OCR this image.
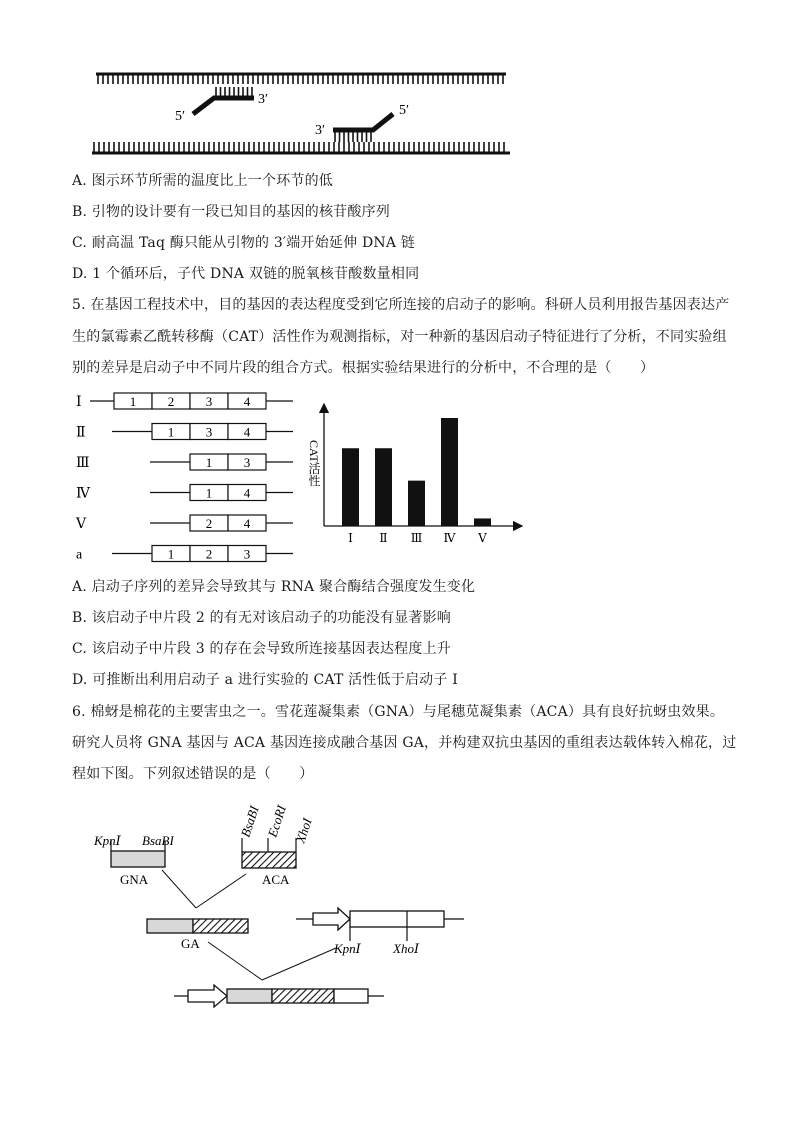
5′
3′
5′
3′
A. 图示环节所需的温度比上一个环节的低
B. 引物的设计要有一段已知目的基因的核苷酸序列
C. 耐高温 Taq 酶只能从引物的 3′端开始延伸 DNA 链
D. 1 个循环后，子代 DNA 双链的脱氧核苷酸数量相同
5. 在基因工程技术中，目的基因的表达程度受到它所连接的启动子的影响。科研人员利用报告基因表达产
生的氯霉素乙酰转移酶（CAT）活性作为观测指标，对一种新的基因启动子特征进行了分析，不同实验组
别的差异是启动子中不同片段的组合方式。根据实验结果进行的分析中，不合理的是（　　）
Ⅰ	1 2 3 4
Ⅱ	1 3 4
Ⅲ	1 3
Ⅳ	1 4
Ⅴ	2 4
a	1 2 3
CAT活性
Ⅰ Ⅱ Ⅲ Ⅳ Ⅴ
A. 启动子序列的差异会导致其与 RNA 聚合酶结合强度发生变化
B. 该启动子中片段 2 的有无对该启动子的功能没有显著影响
C. 该启动子中片段 3 的存在会导致所连接基因表达程度上升
D. 可推断出利用启动子 a 进行实验的 CAT 活性低于启动子 I
6. 棉蚜是棉花的主要害虫之一。雪花莲凝集素（GNA）与尾穗苋凝集素（ACA）具有良好抗蚜虫效果。
研究人员将 GNA 基因与 ACA 基因连接成融合基因 GA，并构建双抗虫基因的重组表达载体转入棉花，过
程如下图。下列叙述错误的是（　　）
KpnⅠ BsaBI
GNA
BsaBI EcoRI XhoI
ACA
GA	KpnⅠ XhoⅠ
